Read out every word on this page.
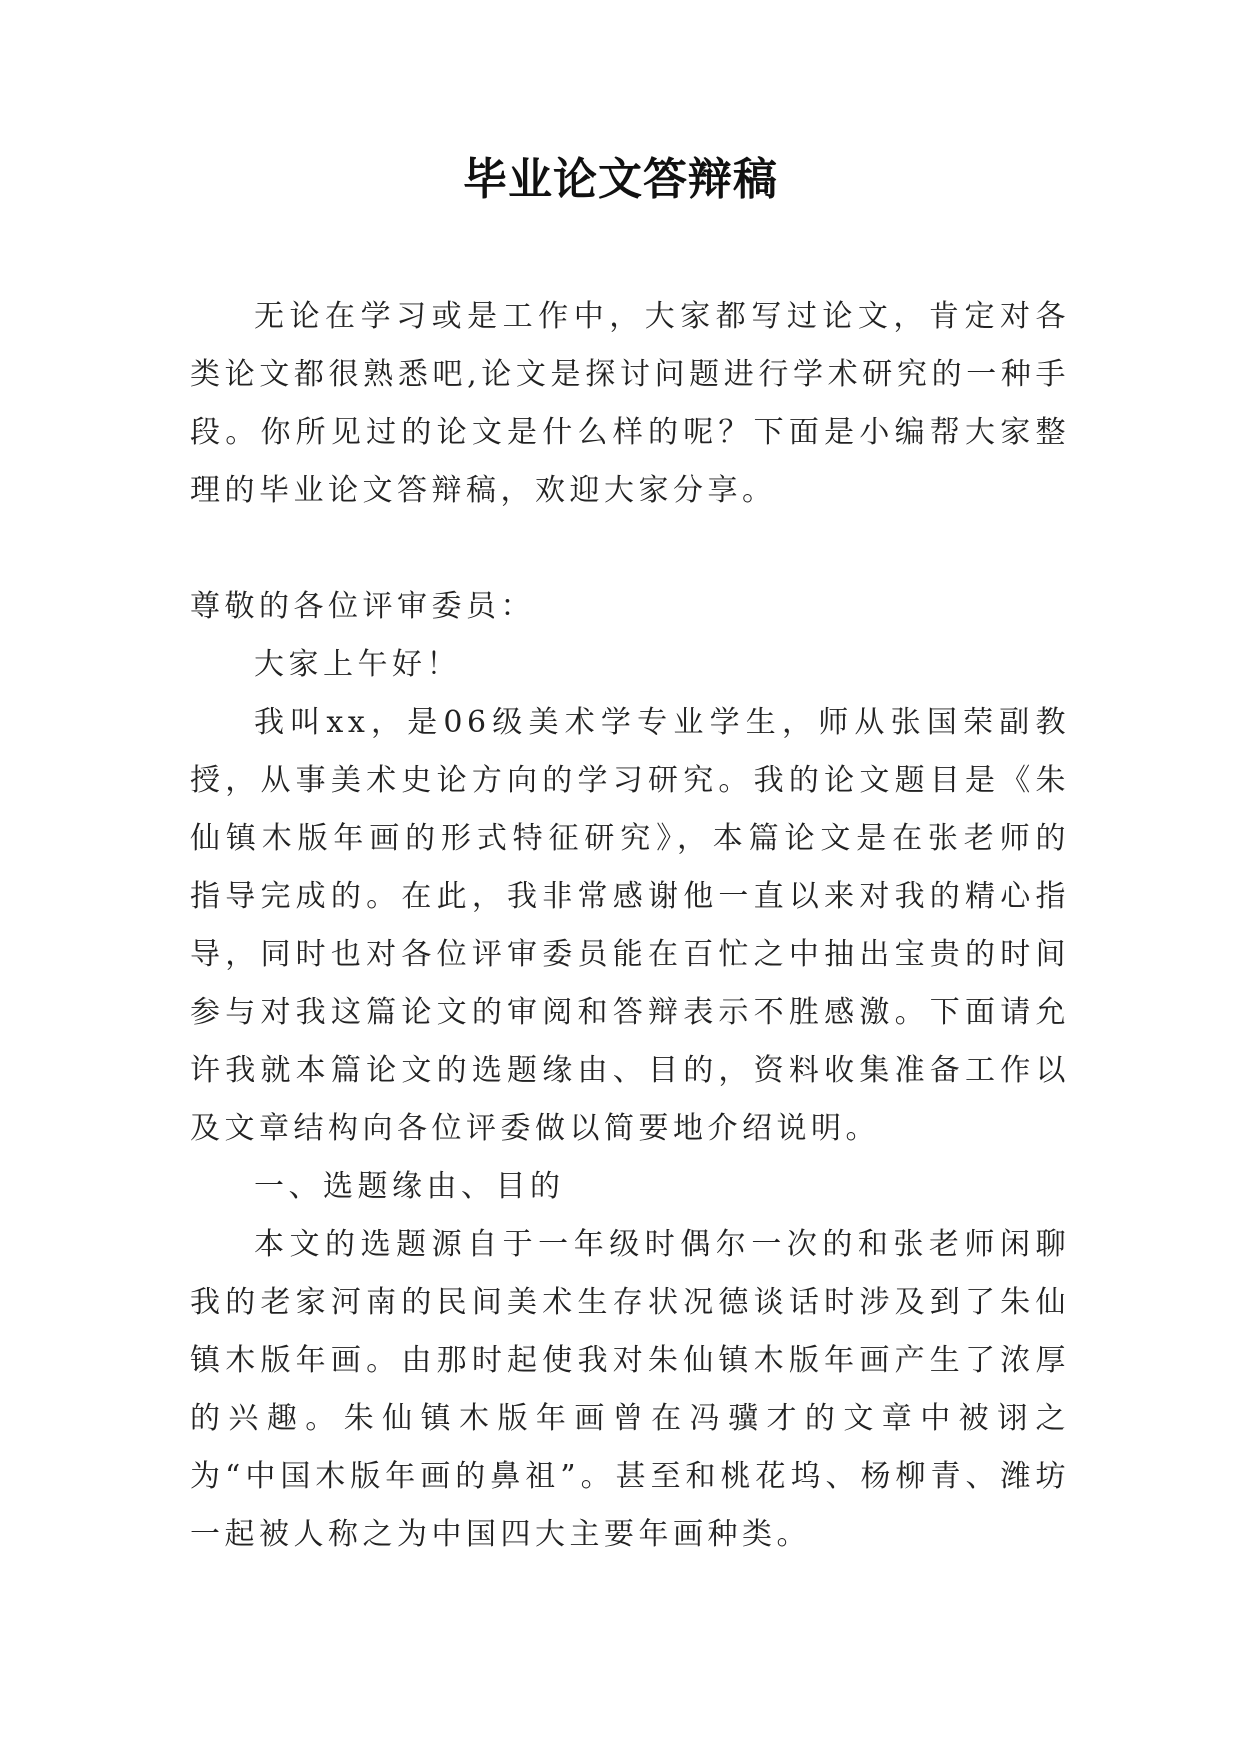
毕业论文答辩稿

无论在学习或是工作中，大家都写过论文，肯定对各类论文都很熟悉吧,论文是探讨问题进行学术研究的一种手段。你所见过的论文是什么样的呢？下面是小编帮大家整理的毕业论文答辩稿，欢迎大家分享。

尊敬的各位评审委员：

大家上午好！

我叫xx，是06级美术学专业学生，师从张国荣副教授，从事美术史论方向的学习研究。我的论文题目是《朱仙镇木版年画的形式特征研究》，本篇论文是在张老师的指导完成的。在此，我非常感谢他一直以来对我的精心指导，同时也对各位评审委员能在百忙之中抽出宝贵的时间参与对我这篇论文的审阅和答辩表示不胜感激。下面请允许我就本篇论文的选题缘由、目的，资料收集准备工作以及文章结构向各位评委做以简要地介绍说明。

一、选题缘由、目的

本文的选题源自于一年级时偶尔一次的和张老师闲聊我的老家河南的民间美术生存状况德谈话时涉及到了朱仙镇木版年画。由那时起使我对朱仙镇木版年画产生了浓厚的兴趣。朱仙镇木版年画曾在冯骥才的文章中被诩之为“中国木版年画的鼻祖”。甚至和桃花坞、杨柳青、潍坊一起被人称之为中国四大主要年画种类。
